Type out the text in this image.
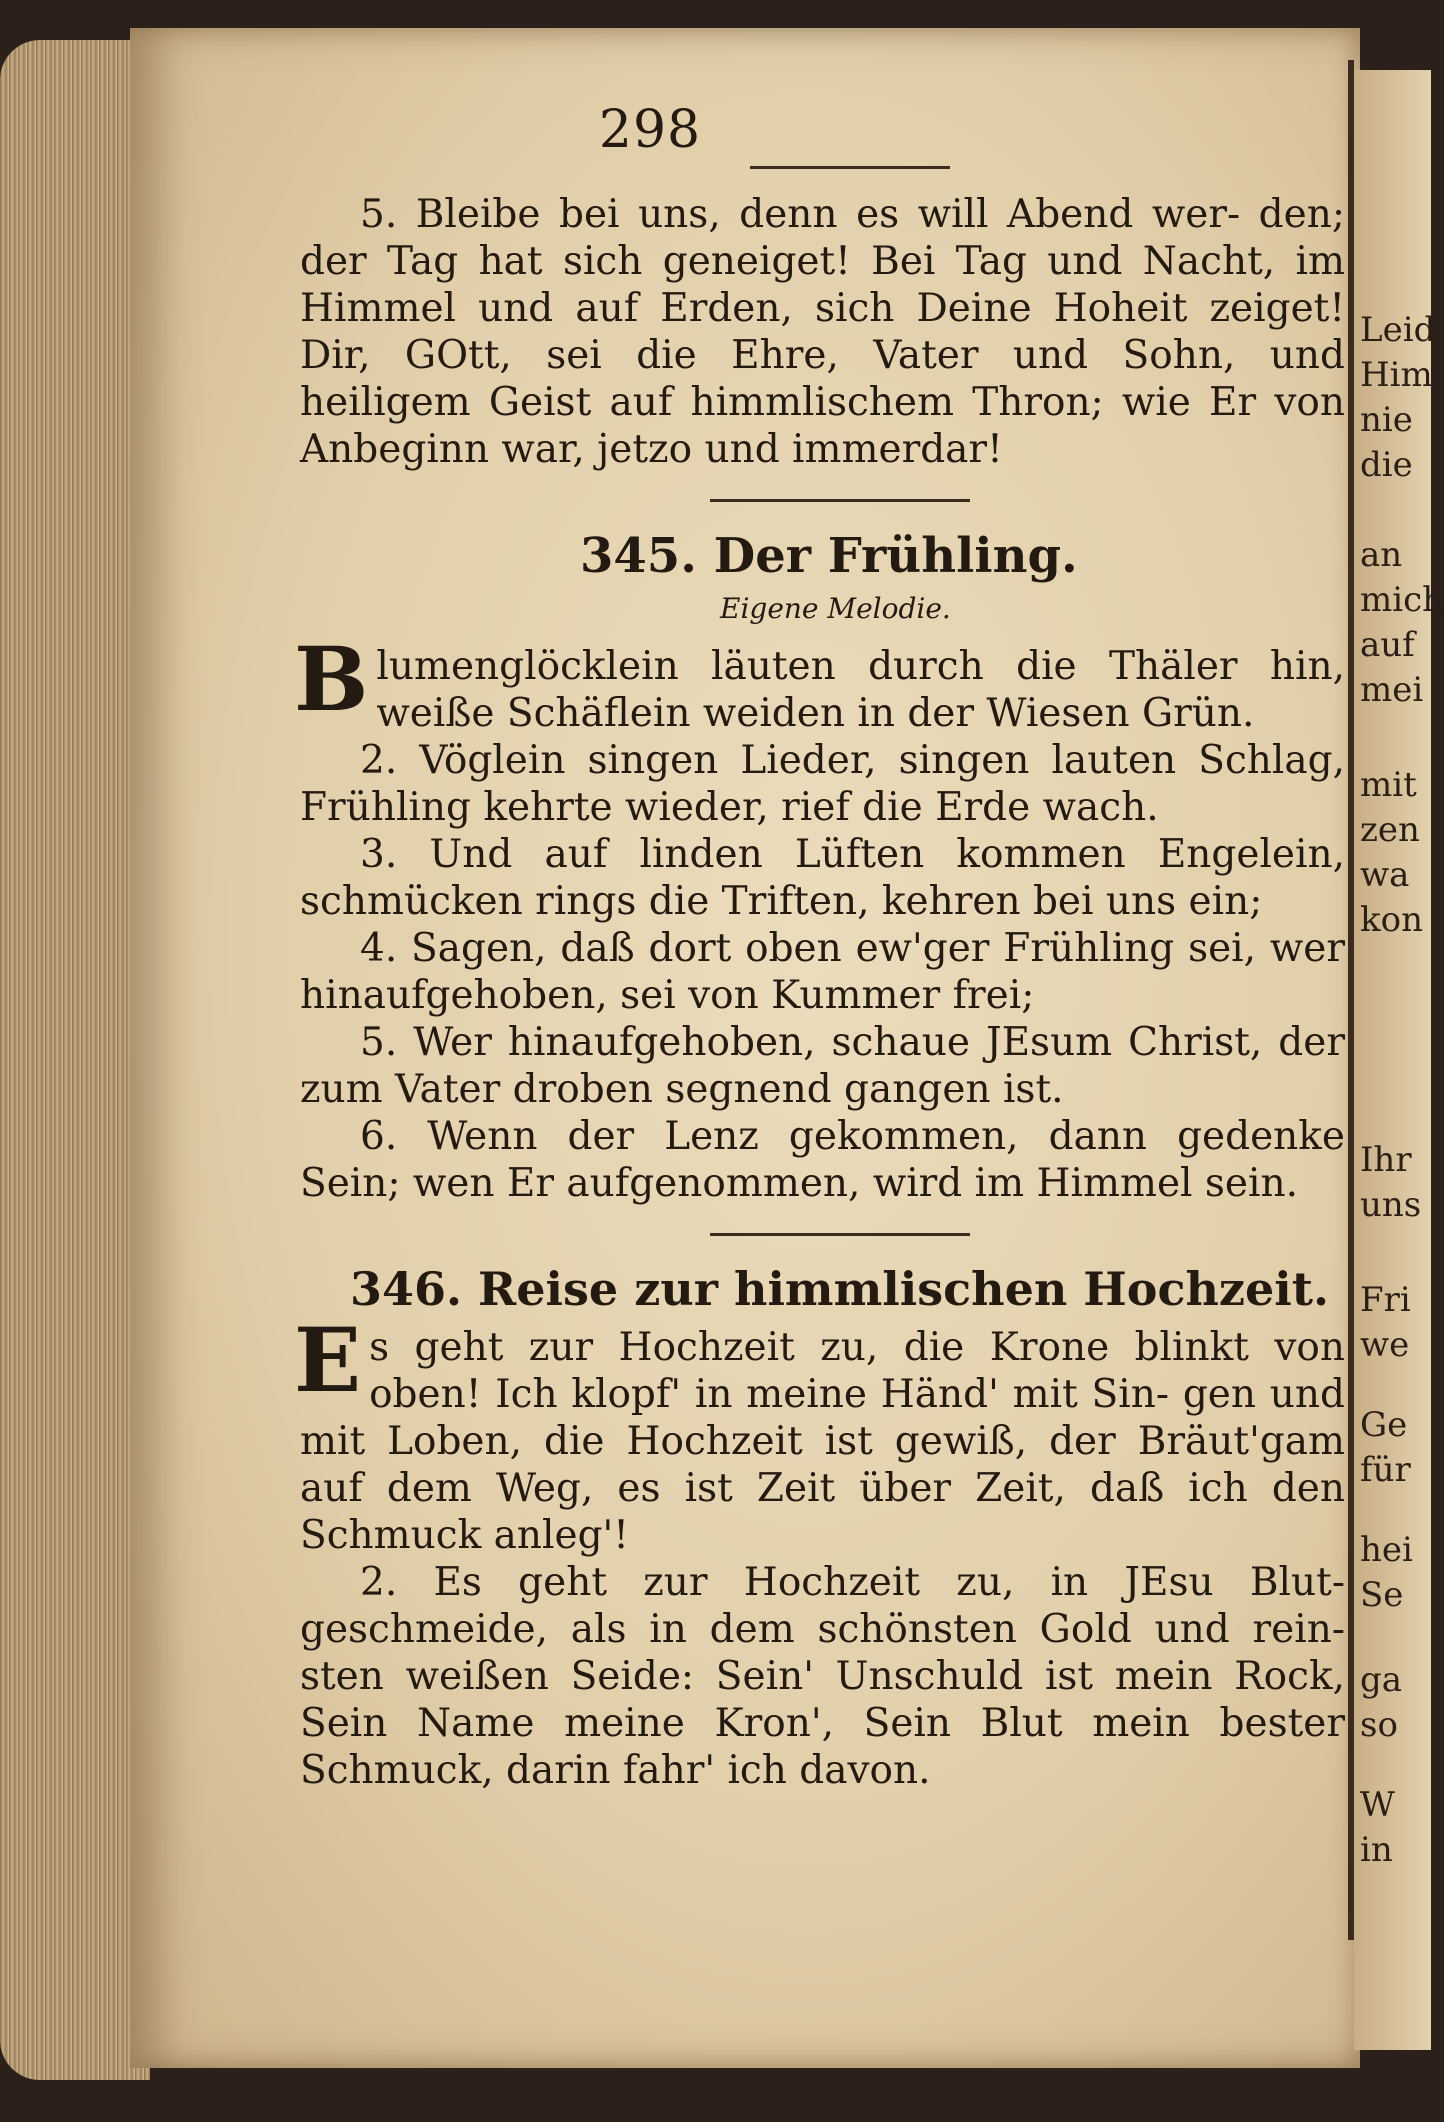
Leid
Him
nie
die
an
mich
auf
mei
mit
zen
wa
kon
Ihr
uns
Fri
we
Ge
für
hei
Se
ga
so
W
in
298

5. Bleibe bei uns, denn es will Abend wer- den; der Tag hat sich geneiget! Bei Tag und Nacht, im Himmel und auf Erden, sich Deine Hoheit zeiget! Dir, GOtt, sei die Ehre, Vater und Sohn, und heiligem Geist auf himmlischem Thron; wie Er von Anbeginn war, jetzo und immerdar!

345. Der Frühling.
Eigene Melodie.

Blumenglöcklein läuten durch die Thäler hin, weiße Schäflein weiden in der Wiesen Grün.

2. Vöglein singen Lieder, singen lauten Schlag, Frühling kehrte wieder, rief die Erde wach.

3. Und auf linden Lüften kommen Engelein, schmücken rings die Triften, kehren bei uns ein;

4. Sagen, daß dort oben ew'ger Frühling sei, wer hinaufgehoben, sei von Kummer frei;

5. Wer hinaufgehoben, schaue JEsum Christ, der zum Vater droben segnend gangen ist.

6. Wenn der Lenz gekommen, dann gedenke Sein; wen Er aufgenommen, wird im Himmel sein.

346. Reise zur himmlischen Hochzeit.

Es geht zur Hochzeit zu, die Krone blinkt von oben! Ich klopf' in meine Händ' mit Sin- gen und mit Loben, die Hochzeit ist gewiß, der Bräut'gam auf dem Weg, es ist Zeit über Zeit, daß ich den Schmuck anleg'!

2. Es geht zur Hochzeit zu, in JEsu Blut- geschmeide, als in dem schönsten Gold und rein- sten weißen Seide: Sein' Unschuld ist mein Rock, Sein Name meine Kron', Sein Blut mein bester Schmuck, darin fahr' ich davon.
